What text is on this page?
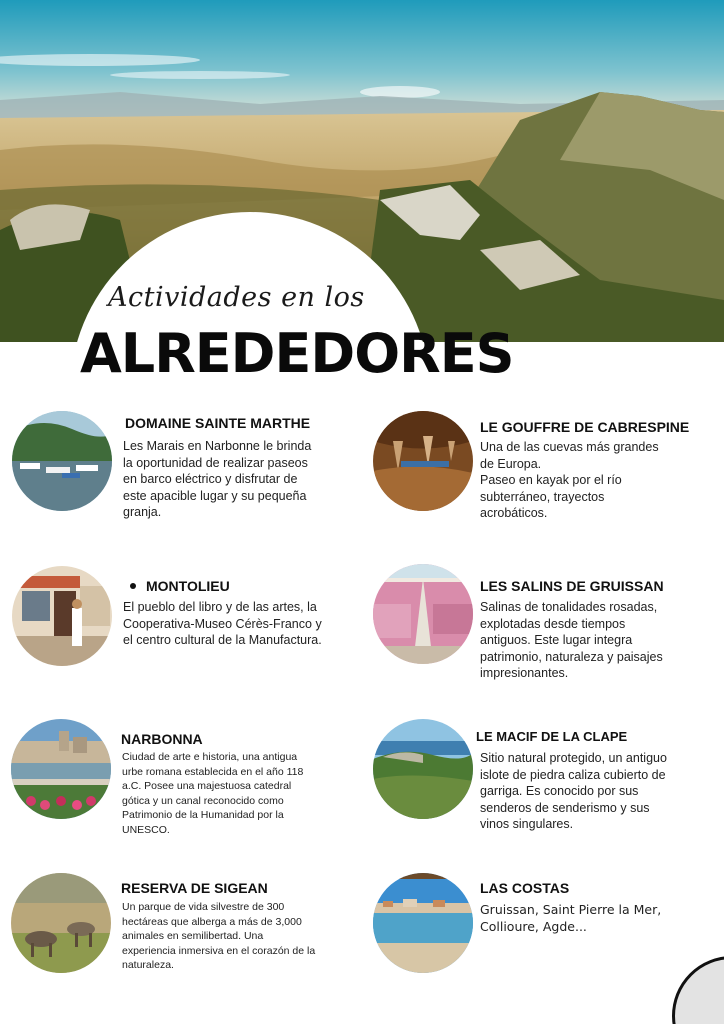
Actividades en los
ALREDEDORES
DOMAINE SAINTE MARTHE
Les Marais en Narbonne le brinda la oportunidad de realizar paseos en barco eléctrico y disfrutar de este apacible lugar y su pequeña granja.
LE GOUFFRE DE CABRESPINE
Una de las cuevas más grandes de Europa.
Paseo en kayak por el río subterráneo, trayectos acrobáticos.
MONTOLIEU
El pueblo del libro y de las artes, la Cooperativa-Museo Cérès-Franco y el centro cultural de la Manufactura.
LES SALINS DE GRUISSAN
Salinas de tonalidades rosadas, explotadas desde tiempos antiguos. Este lugar integra patrimonio, naturaleza y paisajes impresionantes.
NARBONNA
Ciudad de arte e historia, una antigua urbe romana establecida en el año 118 a.C. Posee una majestuosa catedral gótica y un canal reconocido como Patrimonio de la Humanidad por la UNESCO.
LE MACIF DE LA CLAPE
Sitio natural protegido, un antiguo islote de piedra caliza cubierto de garriga. Es conocido por sus senderos de senderismo y sus vinos singulares.
RESERVA DE SIGEAN
Un parque de vida silvestre de 300 hectáreas que alberga a más de 3,000 animales en semilibertad. Una experiencia inmersiva en el corazón de la naturaleza.
LAS COSTAS
Gruissan, Saint Pierre la Mer, Collioure, Agde...
